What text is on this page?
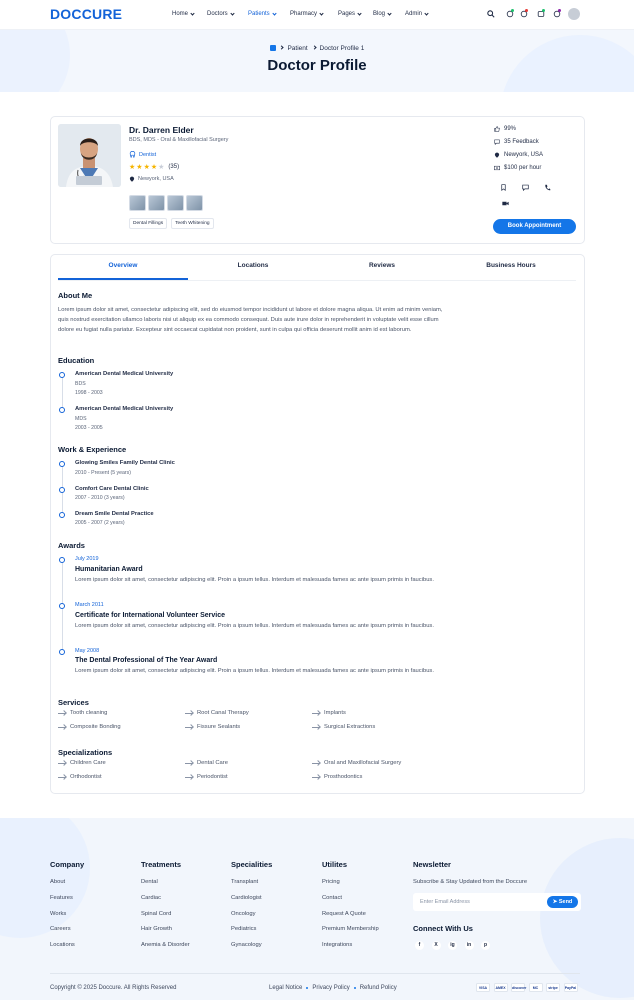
DOCCURE	Home	Doctors	Patients	Pharmacy	Pages	Blog	Admin
Patient Doctor Profile 1
Doctor Profile
Dr. Darren Elder
BDS, MDS - Oral & Maxillofacial Surgery
Dentist
★ ★ ★ ★ ★ (35)
Newyork, USA
Dental Fillings	Teeth Whitening
99%
35 Feedback
Newyork, USA
$100 per hour
Book Appointment
Overview	Locations	Reviews	Business Hours
About Me
Lorem ipsum dolor sit amet, consectetur adipiscing elit, sed do eiusmod tempor incididunt ut labore et dolore magna aliqua. Ut enim ad minim veniam, quis nostrud exercitation ullamco laboris nisi ut aliquip ex ea commodo consequat. Duis aute irure dolor in reprehenderit in voluptate velit esse cillum dolore eu fugiat nulla pariatur. Excepteur sint occaecat cupidatat non proident, sunt in culpa qui officia deserunt mollit anim id est laborum.
Education
American Dental Medical University
BDS
1998 - 2003
American Dental Medical University
MDS
2003 - 2005
Work & Experience
Glowing Smiles Family Dental Clinic
2010 - Present (5 years)
Comfort Care Dental Clinic
2007 - 2010 (3 years)
Dream Smile Dental Practice
2005 - 2007 (2 years)
Awards
July 2019
Humanitarian Award
Lorem ipsum dolor sit amet, consectetur adipiscing elit. Proin a ipsum tellus. Interdum et malesuada fames ac ante ipsum primis in faucibus.
March 2011
Certificate for International Volunteer Service
Lorem ipsum dolor sit amet, consectetur adipiscing elit. Proin a ipsum tellus. Interdum et malesuada fames ac ante ipsum primis in faucibus.
May 2008
The Dental Professional of The Year Award
Lorem ipsum dolor sit amet, consectetur adipiscing elit. Proin a ipsum tellus. Interdum et malesuada fames ac ante ipsum primis in faucibus.
Services
Tooth cleaning	Root Canal Therapy	Implants
Composite Bonding	Fissure Sealants	Surgical Extractions
Specializations
Children Care	Dental Care	Oral and Maxillofacial Surgery
Orthodontist	Periodontist	Prosthodontics
Company
About
Features
Works
Careers
Locations
Treatments
Dental
Cardiac
Spinal Cord
Hair Growth
Anemia & Disorder
Specialities
Transplant
Cardiologist
Oncology
Pediatrics
Gynacology
Utilites
Pricing
Contact
Request A Quote
Premium Membership
Integrations
Newsletter
Subscribe & Stay Updated from the Doccure
Enter Email Address	➤ Send
Connect With Us
f	X	ig	in	p
Copyright © 2025 Doccure. All Rights Reserved	Legal Notice Privacy Policy Refund Policy	VISA	AMEX	discover	MC	stripe	PayPal
